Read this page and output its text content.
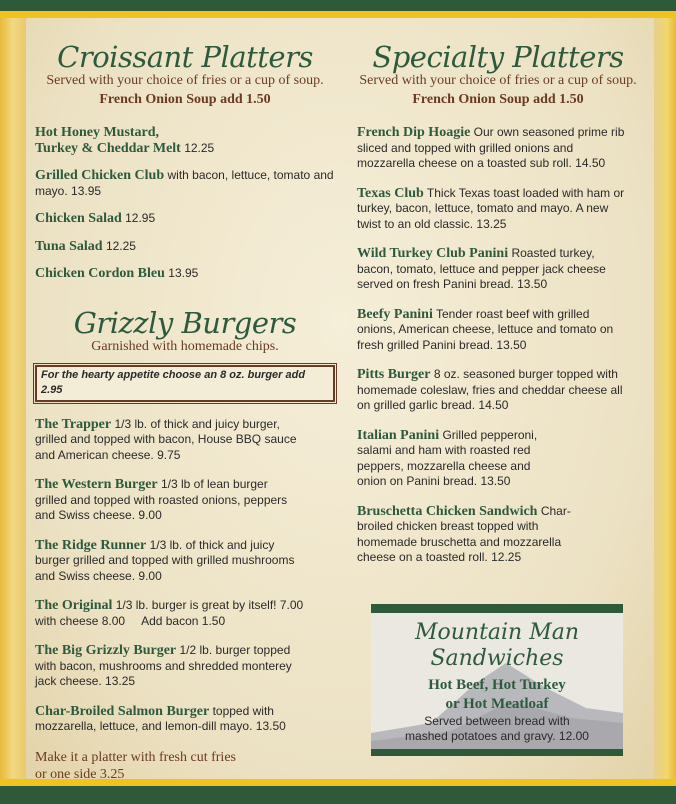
Croissant Platters
Served with your choice of fries or a cup of soup.
French Onion Soup add 1.50
Hot Honey Mustard,
Turkey & Cheddar Melt 12.25
Grilled Chicken Club with bacon, lettuce, tomato and mayo. 13.95
Chicken Salad 12.95
Tuna Salad 12.25
Chicken Cordon Bleu 13.95
Grizzly Burgers
Garnished with homemade chips.
For the hearty appetite choose an 8 oz. burger add 2.95
The Trapper 1/3 lb. of thick and juicy burger, grilled and topped with bacon, House BBQ sauce and American cheese. 9.75
The Western Burger 1/3 lb of lean burger grilled and topped with roasted onions, peppers and Swiss cheese. 9.00
The Ridge Runner 1/3 lb. of thick and juicy burger grilled and topped with grilled mushrooms and Swiss cheese. 9.00
The Original 1/3 lb. burger is great by itself! 7.00
with cheese 8.00     Add bacon 1.50
The Big Grizzly Burger 1/2 lb. burger topped with bacon, mushrooms and shredded monterey jack cheese. 13.25
Char-Broiled Salmon Burger topped with mozzarella, lettuce, and lemon-dill mayo. 13.50
Make it a platter with fresh cut fries
or one side 3.25
Specialty Platters
Served with your choice of fries or a cup of soup.
French Onion Soup add 1.50
French Dip Hoagie Our own seasoned prime rib sliced and topped with grilled onions and mozzarella cheese on a toasted sub roll. 14.50
Texas Club Thick Texas toast loaded with ham or turkey, bacon, lettuce, tomato and mayo. A new twist to an old classic. 13.25
Wild Turkey Club Panini Roasted turkey, bacon, tomato, lettuce and pepper jack cheese served on fresh Panini bread. 13.50
Beefy Panini Tender roast beef with grilled onions, American cheese, lettuce and tomato on fresh grilled Panini bread. 13.50
Pitts Burger 8 oz. seasoned burger topped with homemade coleslaw, fries and cheddar cheese all on grilled garlic bread. 14.50
Italian Panini Grilled pepperoni, salami and ham with roasted red peppers, mozzarella cheese and onion on Panini bread. 13.50
Bruschetta Chicken Sandwich Char-broiled chicken breast topped with homemade bruschetta and mozzarella cheese on a toasted roll. 12.25
Mountain Man
Sandwiches
Hot Beef, Hot Turkey
or Hot Meatloaf
Served between bread with
mashed potatoes and gravy. 12.00
